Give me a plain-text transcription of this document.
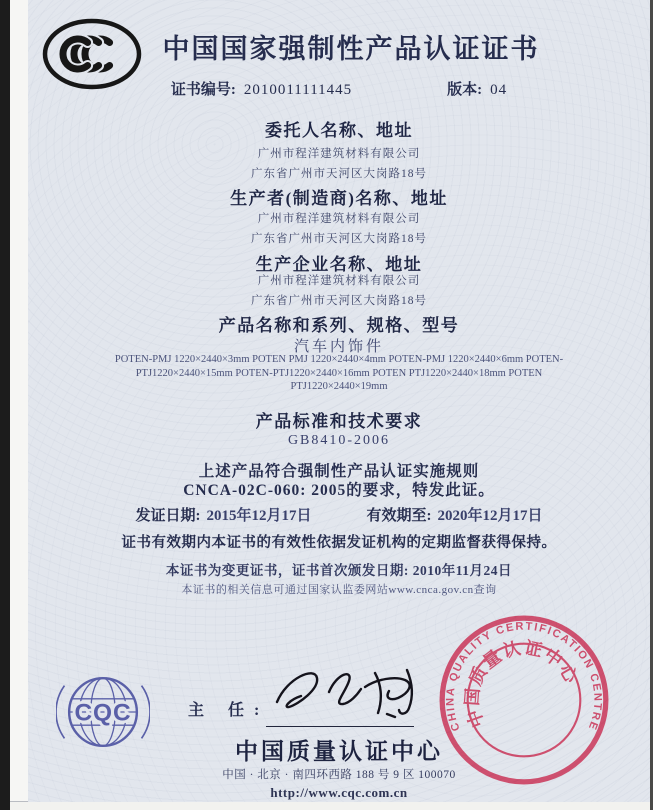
中国国家强制性产品认证证书
证书编号: 2010011111445	版本: 04
委托人名称、地址
广州市程洋建筑材料有限公司
广东省广州市天河区大岗路18号
生产者(制造商)名称、地址
广州市程洋建筑材料有限公司
广东省广州市天河区大岗路18号
生产企业名称、地址
广州市程洋建筑材料有限公司
广东省广州市天河区大岗路18号
产品名称和系列、规格、型号
汽车内饰件
POTEN-PMJ 1220×2440×3mm POTEN PMJ 1220×2440×4mm POTEN-PMJ 1220×2440×6mm POTEN-PTJ1220×2440×15mm POTEN-PTJ1220×2440×16mm POTEN PTJ1220×2440×18mm POTEN PTJ1220×2440×19mm
产品标准和技术要求
GB8410-2006
上述产品符合强制性产品认证实施规则
CNCA-02C-060: 2005的要求，特发此证。
发证日期: 2015年12月17日	有效期至: 2020年12月17日
证书有效期内本证书的有效性依据发证机构的定期监督获得保持。
本证书为变更证书，证书首次颁发日期: 2010年11月24日
本证书的相关信息可通过国家认监委网站www.cnca.gov.cn查询
CQC	主 任:
中国质量认证中心
中国 · 北京 · 南四环西路 188 号 9 区 100070
http://www.cqc.com.cn
CHINA QUALITY CERTIFICATION CENTRE
中国质量认证中心
